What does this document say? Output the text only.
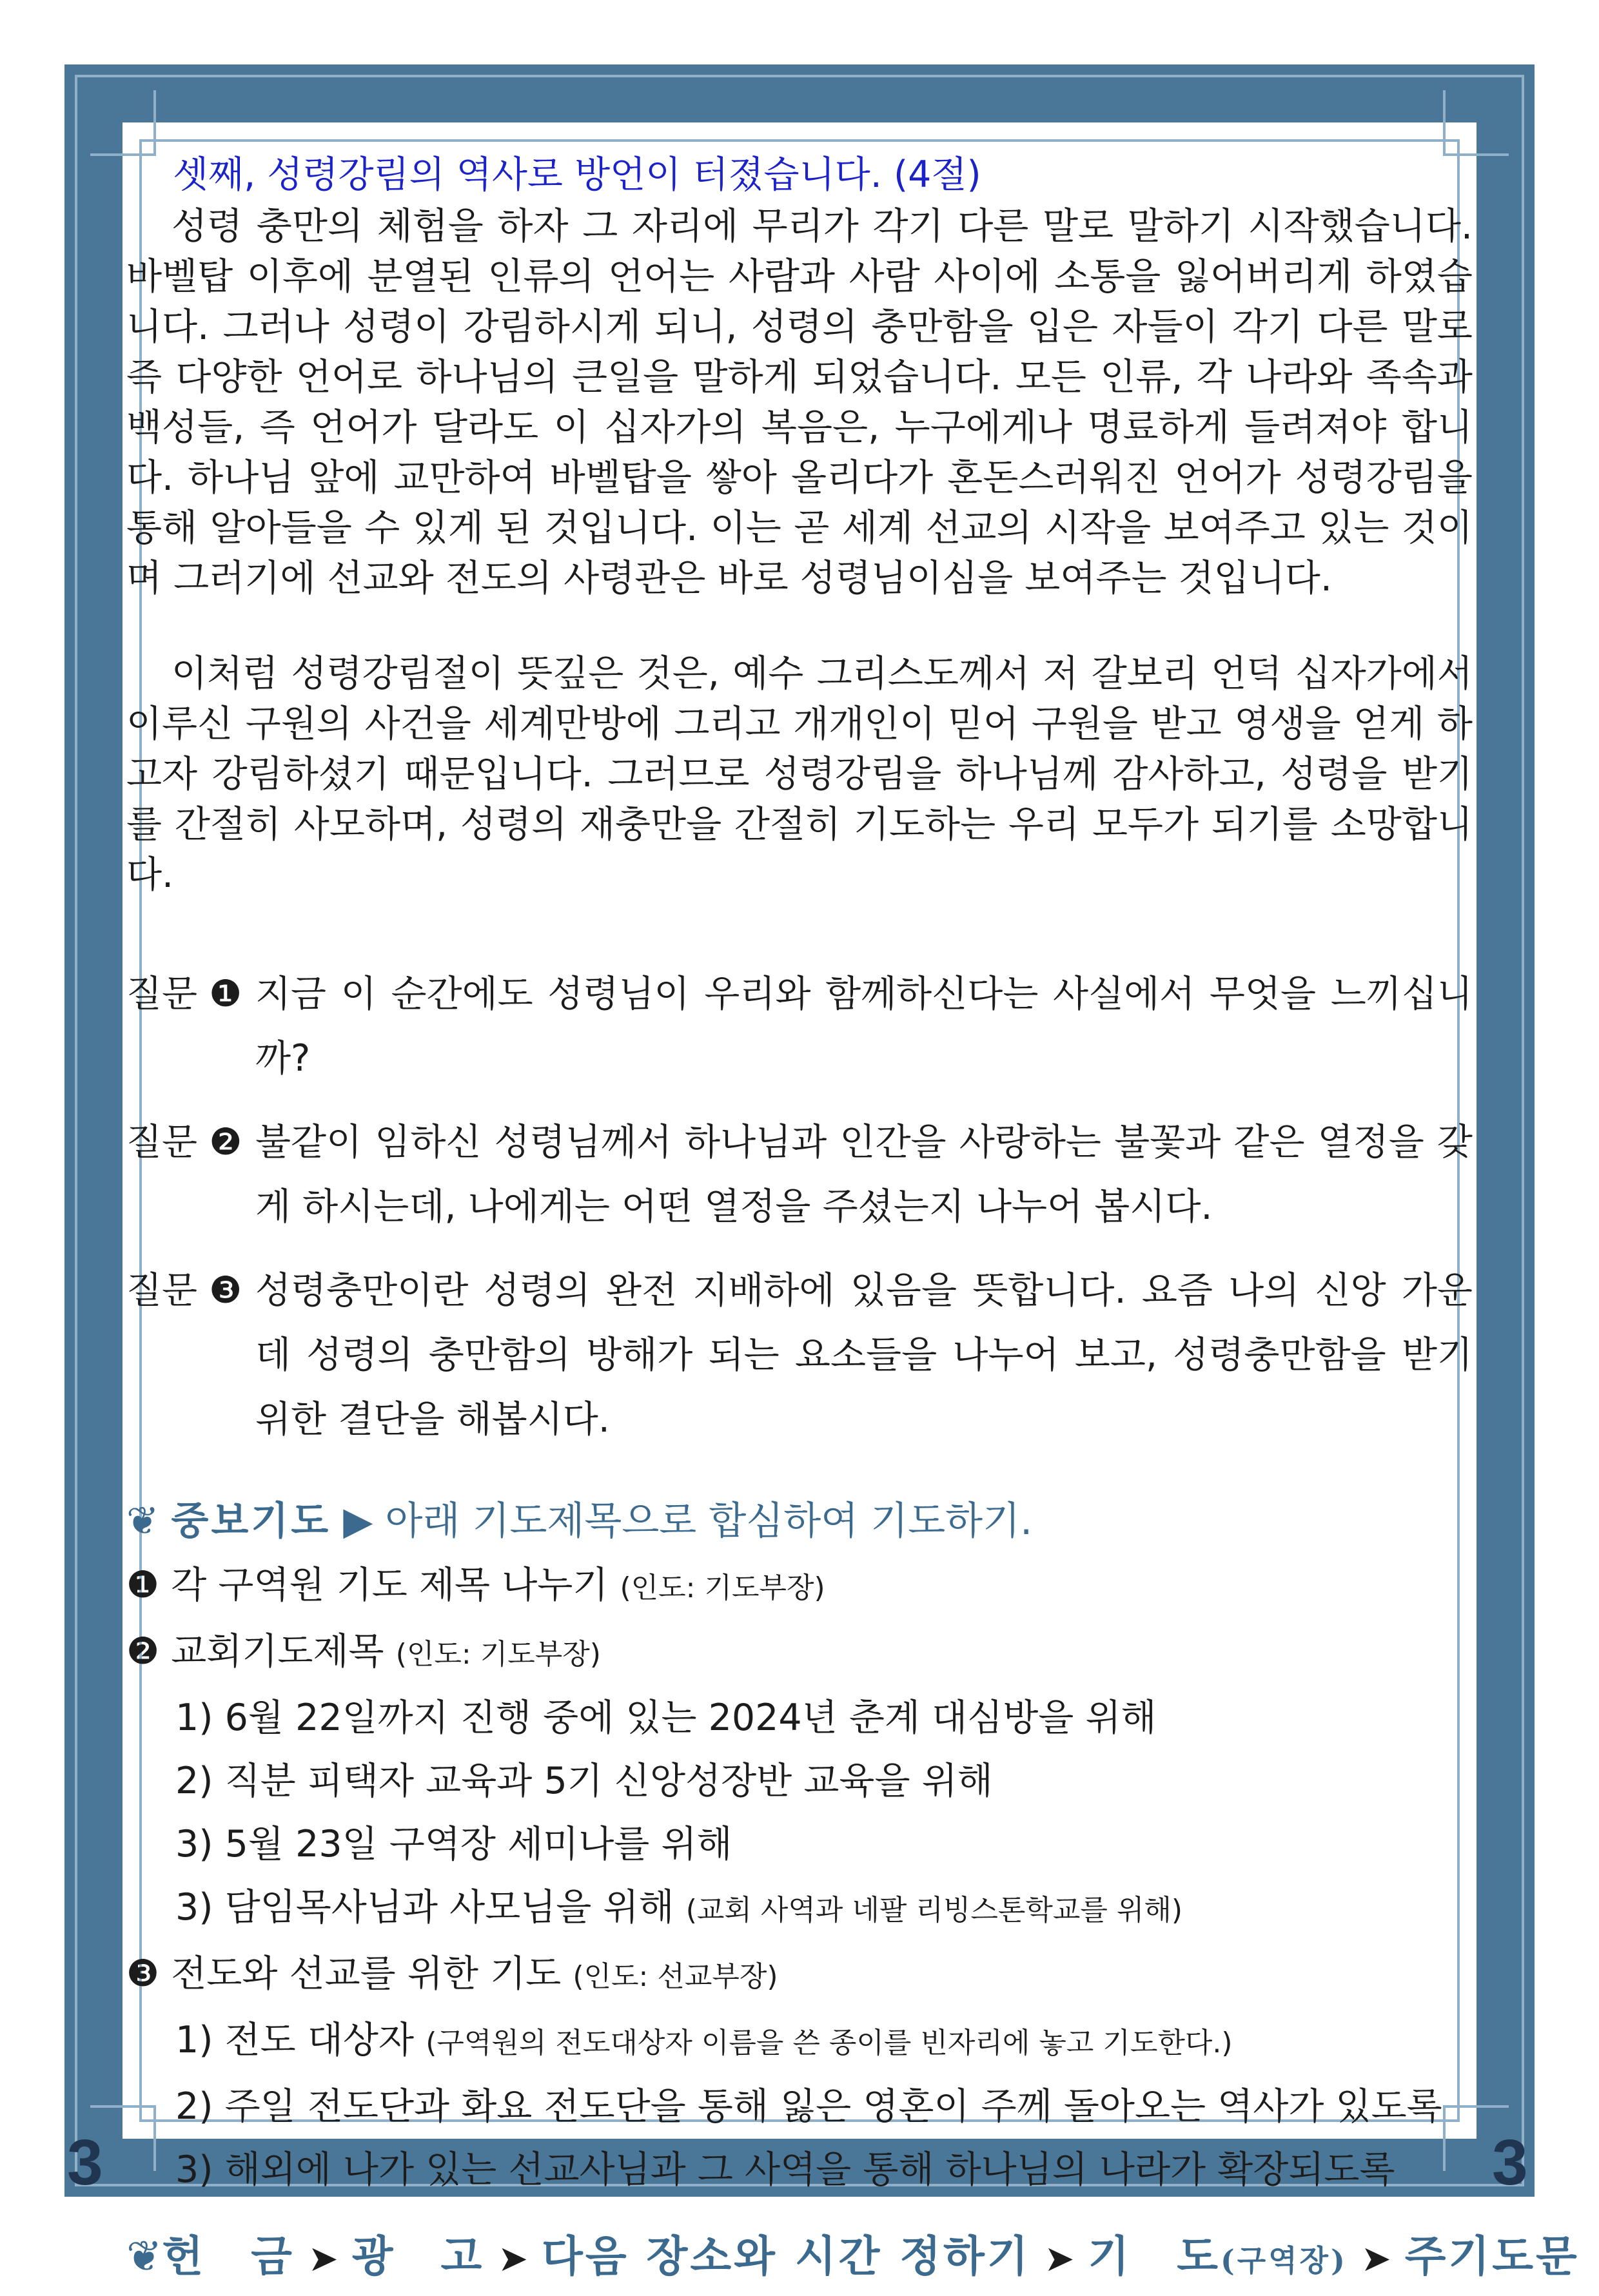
셋째, 성령강림의 역사로 방언이 터졌습니다. (4절)

성령 충만의 체험을 하자 그 자리에 무리가 각기 다른 말로 말하기 시작했습니다. 바벨탑 이후에 분열된 인류의 언어는 사람과 사람 사이에 소통을 잃어버리게 하였습니다. 그러나 성령이 강림하시게 되니, 성령의 충만함을 입은 자들이 각기 다른 말로 즉 다양한 언어로 하나님의 큰일을 말하게 되었습니다. 모든 인류, 각 나라와 족속과 백성들, 즉 언어가 달라도 이 십자가의 복음은, 누구에게나 명료하게 들려져야 합니다. 하나님 앞에 교만하여 바벨탑을 쌓아 올리다가 혼돈스러워진 언어가 성령강림을 통해 알아들을 수 있게 된 것입니다. 이는 곧 세계 선교의 시작을 보여주고 있는 것이며 그러기에 선교와 전도의 사령관은 바로 성령님이심을 보여주는 것입니다.

이처럼 성령강림절이 뜻깊은 것은, 예수 그리스도께서 저 갈보리 언덕 십자가에서 이루신 구원의 사건을 세계만방에 그리고 개개인이 믿어 구원을 받고 영생을 얻게 하고자 강림하셨기 때문입니다. 그러므로 성령강림을 하나님께 감사하고, 성령을 받기를 간절히 사모하며, 성령의 재충만을 간절히 기도하는 우리 모두가 되기를 소망합니다.

질문 ❶ 지금 이 순간에도 성령님이 우리와 함께하신다는 사실에서 무엇을 느끼십니까?
질문 ❷ 불같이 임하신 성령님께서 하나님과 인간을 사랑하는 불꽃과 같은 열정을 갖게 하시는데, 나에게는 어떤 열정을 주셨는지 나누어 봅시다.
질문 ❸ 성령충만이란 성령의 완전 지배하에 있음을 뜻합니다. 요즘 나의 신앙 가운데 성령의 충만함의 방해가 되는 요소들을 나누어 보고, 성령충만함을 받기 위한 결단을 해봅시다.
❦ 중보기도 ▶ 아래 기도제목으로 합심하여 기도하기.
❶ 각 구역원 기도 제목 나누기 (인도: 기도부장)
❷ 교회기도제목 (인도: 기도부장)
1) 6월 22일까지 진행 중에 있는 2024년 춘계 대심방을 위해
2) 직분 피택자 교육과 5기 신앙성장반 교육을 위해
3) 5월 23일 구역장 세미나를 위해
3) 담임목사님과 사모님을 위해 (교회 사역과 네팔 리빙스톤학교를 위해)
❸ 전도와 선교를 위한 기도 (인도: 선교부장)
1) 전도 대상자 (구역원의 전도대상자 이름을 쓴 종이를 빈자리에 놓고 기도한다.)
2) 주일 전도단과 화요 전도단을 통해 잃은 영혼이 주께 돌아오는 역사가 있도록
3) 해외에 나가 있는 선교사님과 그 사역을 통해 하나님의 나라가 확장되도록
❦헌　금 ➤ 광　고 ➤ 다음 장소와 시간 정하기 ➤ 기　도(구역장) ➤ 주기도문
3	3
